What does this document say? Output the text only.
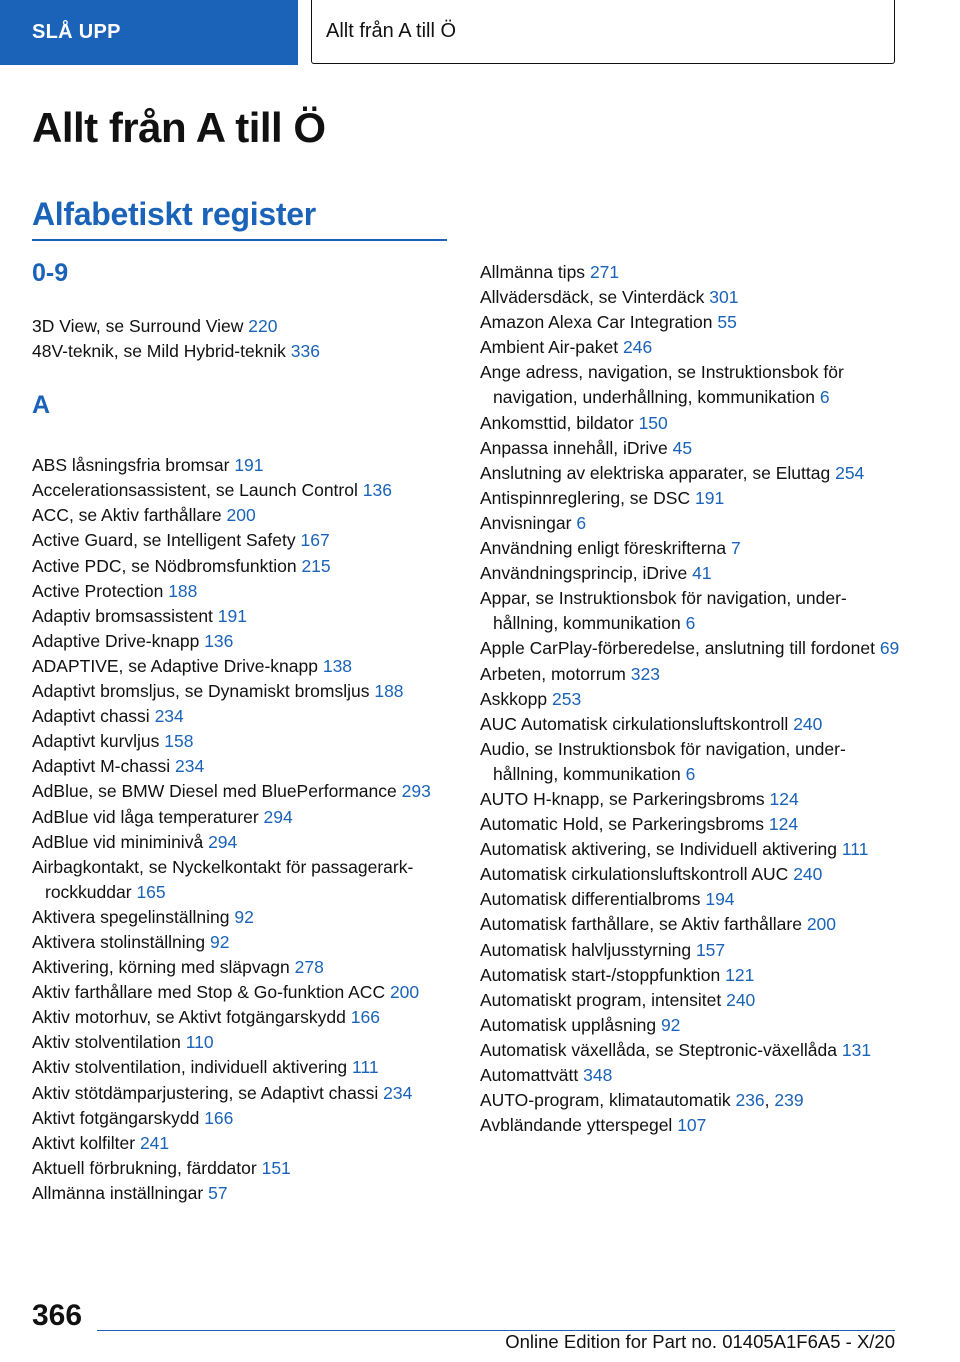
SLÅ UPP	Allt från A till Ö
Allt från A till Ö
Alfabetiskt register
0-9
3D View, se Surround View 220
48V-teknik, se Mild Hybrid-teknik 336
A
ABS låsningsfria bromsar 191
Accelerationsassistent, se Launch Control 136
ACC, se Aktiv farthållare 200
Active Guard, se Intelligent Safety 167
Active PDC, se Nödbromsfunktion 215
Active Protection 188
Adaptiv bromsassistent 191
Adaptive Drive-knapp 136
ADAPTIVE, se Adaptive Drive-knapp 138
Adaptivt bromsljus, se Dynamiskt bromsljus 188
Adaptivt chassi 234
Adaptivt kurvljus 158
Adaptivt M-chassi 234
AdBlue, se BMW Diesel med BluePerformance 293
AdBlue vid låga temperaturer 294
AdBlue vid miniminivå 294
Airbagkontakt, se Nyckelkontakt för passagerarkrockkuddar 165
Aktivera spegelinställning 92
Aktivera stolinställning 92
Aktivering, körning med släpvagn 278
Aktiv farthållare med Stop & Go-funktion ACC 200
Aktiv motorhuv, se Aktivt fotgängarskydd 166
Aktiv stolventilation 110
Aktiv stolventilation, individuell aktivering 111
Aktiv stötdämparjustering, se Adaptivt chassi 234
Aktivt fotgängarskydd 166
Aktivt kolfilter 241
Aktuell förbrukning, färddator 151
Allmänna inställningar 57
Allmänna tips 271
Allvädersdäck, se Vinterdäck 301
Amazon Alexa Car Integration 55
Ambient Air-paket 246
Ange adress, navigation, se Instruktionsbok för navigation, underhållning, kommunikation 6
Ankomsttid, bildator 150
Anpassa innehåll, iDrive 45
Anslutning av elektriska apparater, se Eluttag 254
Antispinnreglering, se DSC 191
Anvisningar 6
Användning enligt föreskrifterna 7
Användningsprincip, iDrive 41
Appar, se Instruktionsbok för navigation, underhållning, kommunikation 6
Apple CarPlay-förberedelse, anslutning till fordonet 69
Arbeten, motorrum 323
Askkopp 253
AUC Automatisk cirkulationsluftskontroll 240
Audio, se Instruktionsbok för navigation, underhållning, kommunikation 6
AUTO H-knapp, se Parkeringsbroms 124
Automatic Hold, se Parkeringsbroms 124
Automatisk aktivering, se Individuell aktivering 111
Automatisk cirkulationsluftskontroll AUC 240
Automatisk differentialbroms 194
Automatisk farthållare, se Aktiv farthållare 200
Automatisk halvljusstyrning 157
Automatisk start-/stoppfunktion 121
Automatiskt program, intensitet 240
Automatisk upplåsning 92
Automatisk växellåda, se Steptronic-växellåda 131
Automattvätt 348
AUTO-program, klimatautomatik 236, 239
Avbländande ytterspegel 107
366
Online Edition for Part no. 01405A1F6A5 - X/20
